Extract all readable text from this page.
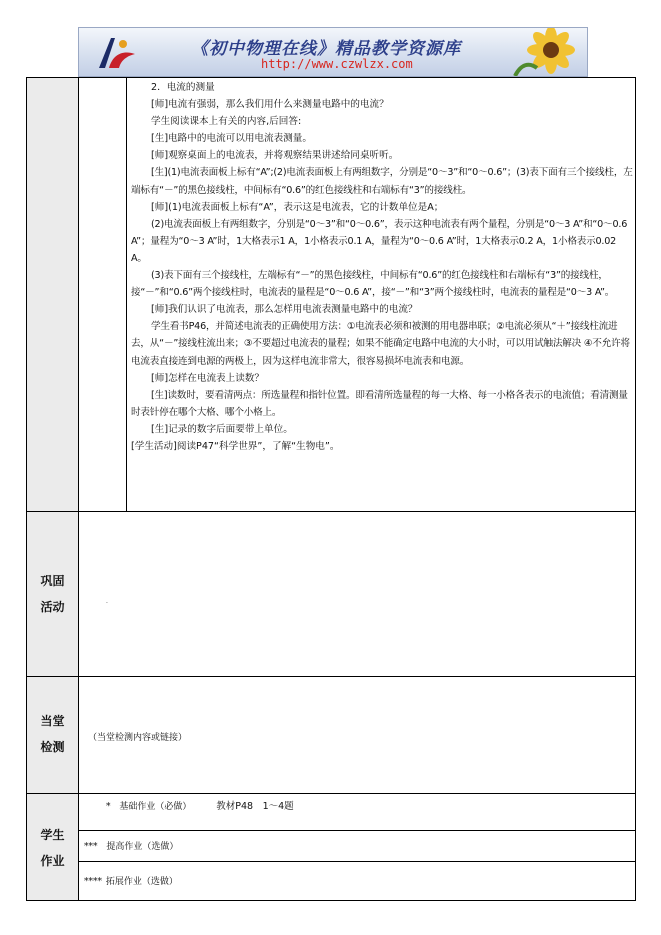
《初中物理在线》精品教学资源库
http://www.czwlzx.com

2．电流的测量

[师]电流有强弱，那么我们用什么来测量电路中的电流？

学生阅读课本上有关的内容,后回答:

[生]电路中的电流可以用电流表测量。

[师]观察桌面上的电流表，并将观察结果讲述给同桌听听。

[生](1)电流表面板上标有“A”;(2)电流表面板上有两组数字，分别是“0～3”和“0～0.6”；(3)表下面有三个接线柱，左端标有“－”的黑色接线柱，中间标有“0.6”的红色接线柱和右端标有“3”的接线柱。

[师](1)电流表面板上标有“A”，表示这是电流表，它的计数单位是A；

(2)电流表面板上有两组数字，分别是“0～3”和“0～0.6”，表示这种电流表有两个量程，分别是“0～3 A”和“0～0.6 A”；量程为“0～3 A”时，1大格表示1 A，1小格表示0.1 A，量程为“0～0.6 A”时，1大格表示0.2 A，1小格表示0.02 A。

(3)表下面有三个接线柱，左端标有“－”的黑色接线柱，中间标有“0.6”的红色接线柱和右端标有“3”的接线柱，接“－”和“0.6”两个接线柱时，电流表的量程是“0～0.6 A”，接“－”和“3”两个接线柱时，电流表的量程是“0～3 A”。

[师]我们认识了电流表，那么怎样用电流表测量电路中的电流？

学生看书P46，并简述电流表的正确使用方法：①电流表必须和被测的用电器串联；②电流必须从“＋”接线柱流进去，从“－”接线柱流出来；③不要超过电流表的量程；如果不能确定电路中电流的大小时，可以用试触法解决 ④不允许将电流表直接连到电源的两极上，因为这样电流非常大，很容易损坏电流表和电源。

[师]怎样在电流表上读数？

[生]读数时，要看清两点：所选量程和指针位置。即看清所选量程的每一大格、每一小格各表示的电流值；看清测量时表针停在哪个大格、哪个小格上。

[生]记录的数字后面要带上单位。

[学生活动]阅读P47“科学世界”，了解“生物电”。

巩固
活动	.
当堂
检测
（当堂检测内容或链接）
学生
作业
* 基础作业（必做）	教材P48　1～4题
*** 提高作业（选做）
**** 拓展作业（选做）
